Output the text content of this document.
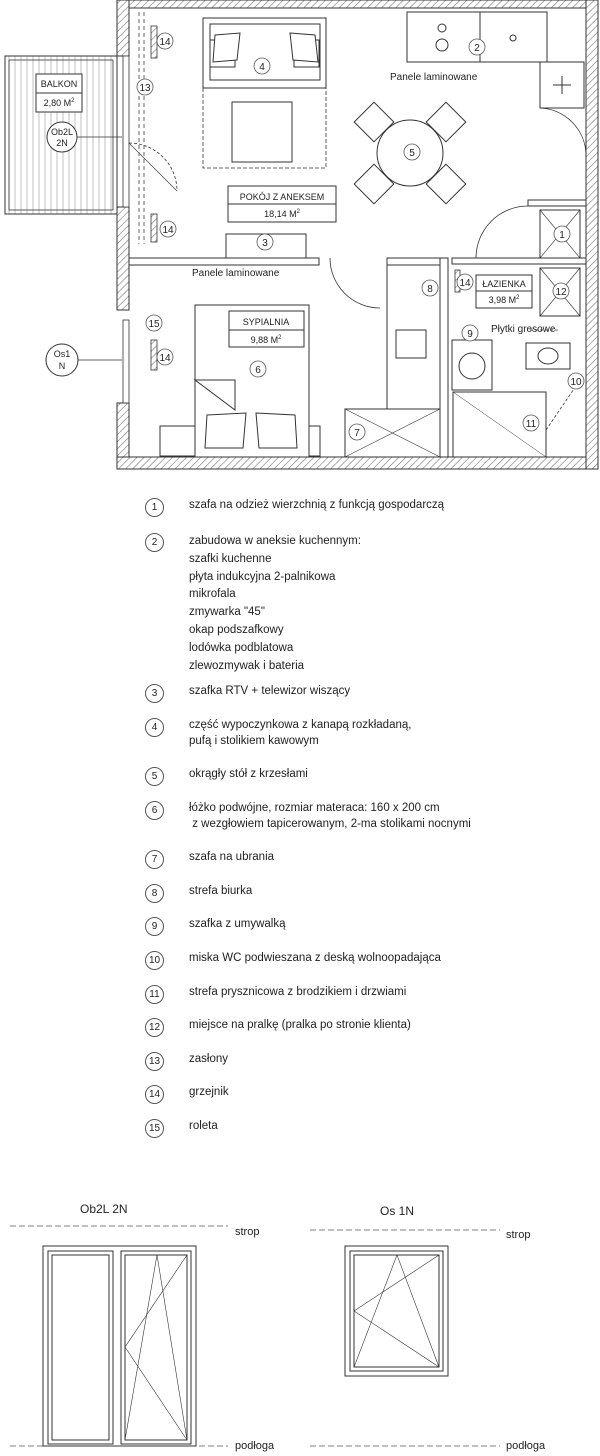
BALKON
2,80 $M^2$
Ob2L
2N
POKÓJ Z ANEKSEM
18,14 $M^2$
SYPIALNIA
9,88 $M^2$
ŁAZIENKA
3,98 $M^2$
Panele laminowane
Panele laminowane
Płytki gresowe
Os1
N
1
2
3
4
5
6
7
8
9
10
11
12
13
14
14
14
14
15
1	szafa na odzież wierzchnią z funkcją gospodarczą
2	zabudowa w aneksie kuchennym:
szafki kuchenne
płyta indukcyjna 2-palnikowa
mikrofala
zmywarka "45"
okap podszafkowy
lodówka podblatowa
zlewozmywak i bateria
3	szafka RTV + telewizor wiszący
4	część wypoczynkowa z kanapą rozkładaną,
pufą i stolikiem kawowym
5	okrągły stół z krzesłami
6	łóżko podwójne, rozmiar materaca: 160 x 200 cm
z wezgłowiem tapicerowanym, 2-ma stolikami nocnymi
7	szafa na ubrania
8	strefa biurka
9	szafka z umywalką
10	miska WC podwieszana z deską wolnoopadająca
11	strefa prysznicowa z brodzikiem i drzwiami
12	miejsce na pralkę (pralka po stronie klienta)
13	zasłony
14	grzejnik
15	roleta
Ob2L 2N
strop
podłoga
Os 1N
strop
podłoga
